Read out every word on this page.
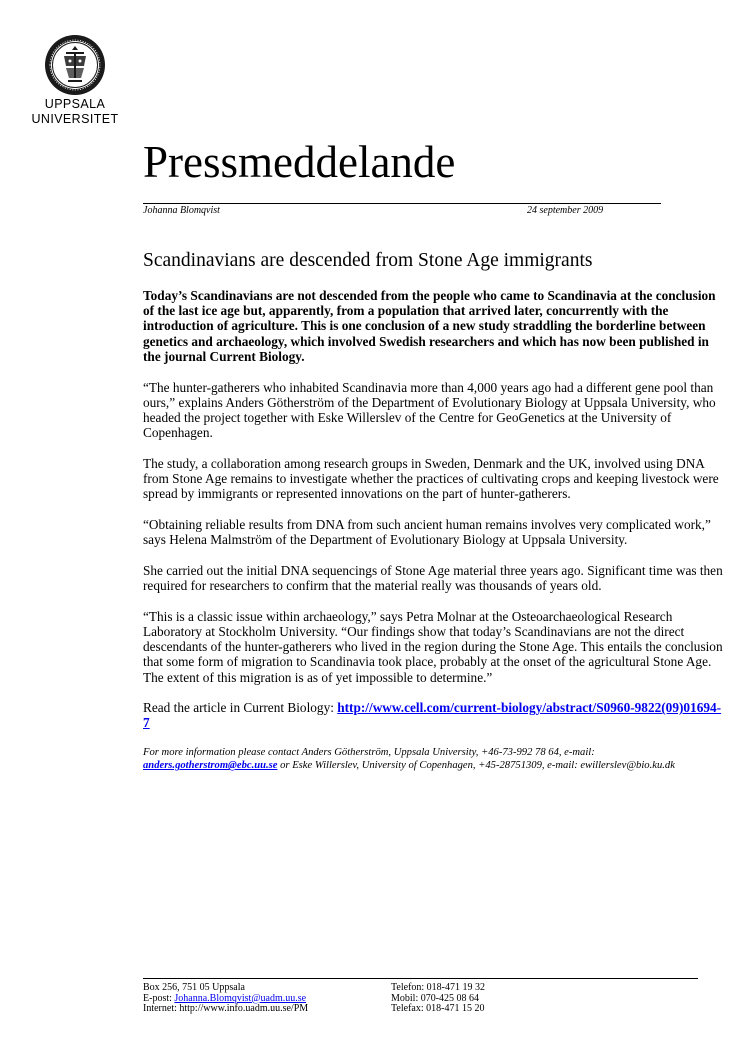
UPPSALA
UNIVERSITET
Pressmeddelande
Johanna Blomqvist	24 september 2009
Scandinavians are descended from Stone Age immigrants

Today’s Scandinavians are not descended from the people who came to Scandinavia at the conclusion of the last ice age but, apparently, from a population that arrived later, concurrently with the introduction of agriculture. This is one conclusion of a new study straddling the borderline between genetics and archaeology, which involved Swedish researchers and which has now been published in the journal Current Biology.

“The hunter-gatherers who inhabited Scandinavia more than 4,000 years ago had a different gene pool than ours,” explains Anders Götherström of the Department of Evolutionary Biology at Uppsala University, who headed the project together with Eske Willerslev of the Centre for GeoGenetics at the University of Copenhagen.

The study, a collaboration among research groups in Sweden, Denmark and the UK, involved using DNA from Stone Age remains to investigate whether the practices of cultivating crops and keeping livestock were spread by immigrants or represented innovations on the part of hunter-gatherers.

“Obtaining reliable results from DNA from such ancient human remains involves very complicated work,” says Helena Malmström of the Department of Evolutionary Biology at Uppsala University.

She carried out the initial DNA sequencings of Stone Age material three years ago. Significant time was then required for researchers to confirm that the material really was thousands of years old.

“This is a classic issue within archaeology,” says Petra Molnar at the Osteoarchaeological Research Laboratory at Stockholm University. “Our findings show that today’s Scandinavians are not the direct descendants of the hunter-gatherers who lived in the region during the Stone Age. This entails the conclusion that some form of migration to Scandinavia took place, probably at the onset of the agricultural Stone Age. The extent of this migration is as of yet impossible to determine.”

Read the article in Current Biology: http://www.cell.com/current-biology/abstract/S0960-9822(09)01694-7

For more information please contact Anders Götherström, Uppsala University, +46-73-992 78 64, e-mail: anders.gotherstrom@ebc.uu.se or Eske Willerslev, University of Copenhagen, +45-28751309, e-mail: ewillerslev@bio.ku.dk

Box 256, 751 05 Uppsala
E-post: Johanna.Blomqvist@uadm.uu.se
Internet: http://www.info.uadm.uu.se/PM
Telefon: 018-471 19 32
Mobil: 070-425 08 64
Telefax: 018-471 15 20
